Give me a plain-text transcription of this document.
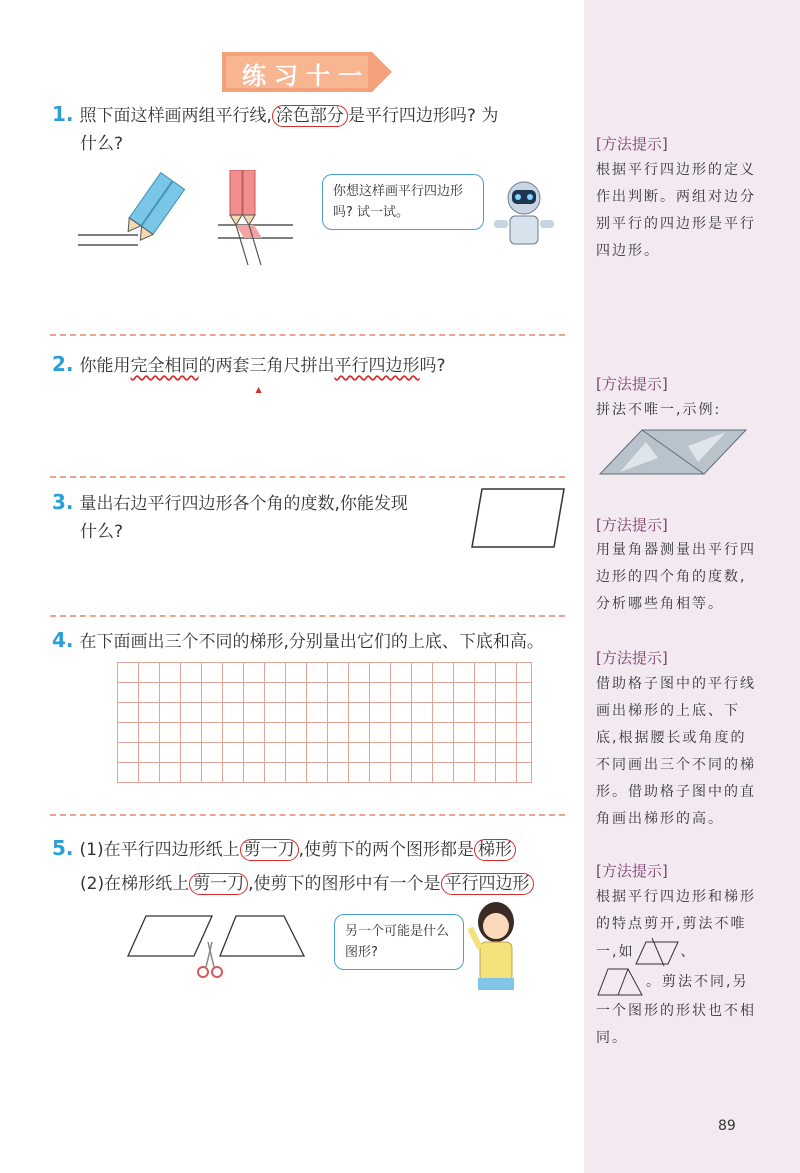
练习十一
1. 照下面这样画两组平行线, 涂色部分 是平行四边形吗? 为
什么?
你想这样画平行四边形吗? 试一试。
2. 你能用完全相同的两套三角尺 ▲拼出平行四边形吗?
3. 量出右边平行四边形各个角的度数,你能发现
什么?
4. 在下面画出三个不同的梯形,分别量出它们的上底、下底和高。
5. (1)在平行四边形纸上 剪一刀 ,使剪下的两个图形都是 梯形
(2)在梯形纸上 剪一刀 ,使剪下的图形中有一个是 平行四边形
另一个可能是什么图形?
[方法提示]
根据平行四边形的定义作出判断。两组对边分别平行的四边形是平行四边形。
[方法提示]
拼法不唯一,示例:
[方法提示]
用量角器测量出平行四边形的四个角的度数,分析哪些角相等。
[方法提示]
借助格子图中的平行线画出梯形的上底、下底,根据腰长或角度的不同画出三个不同的梯形。借助格子图中的直角画出梯形的高。
[方法提示]
根据平行四边形和梯形的特点剪开,剪法不唯一,如	、
。剪法不同,另一个图形的形状也不相同。
89
